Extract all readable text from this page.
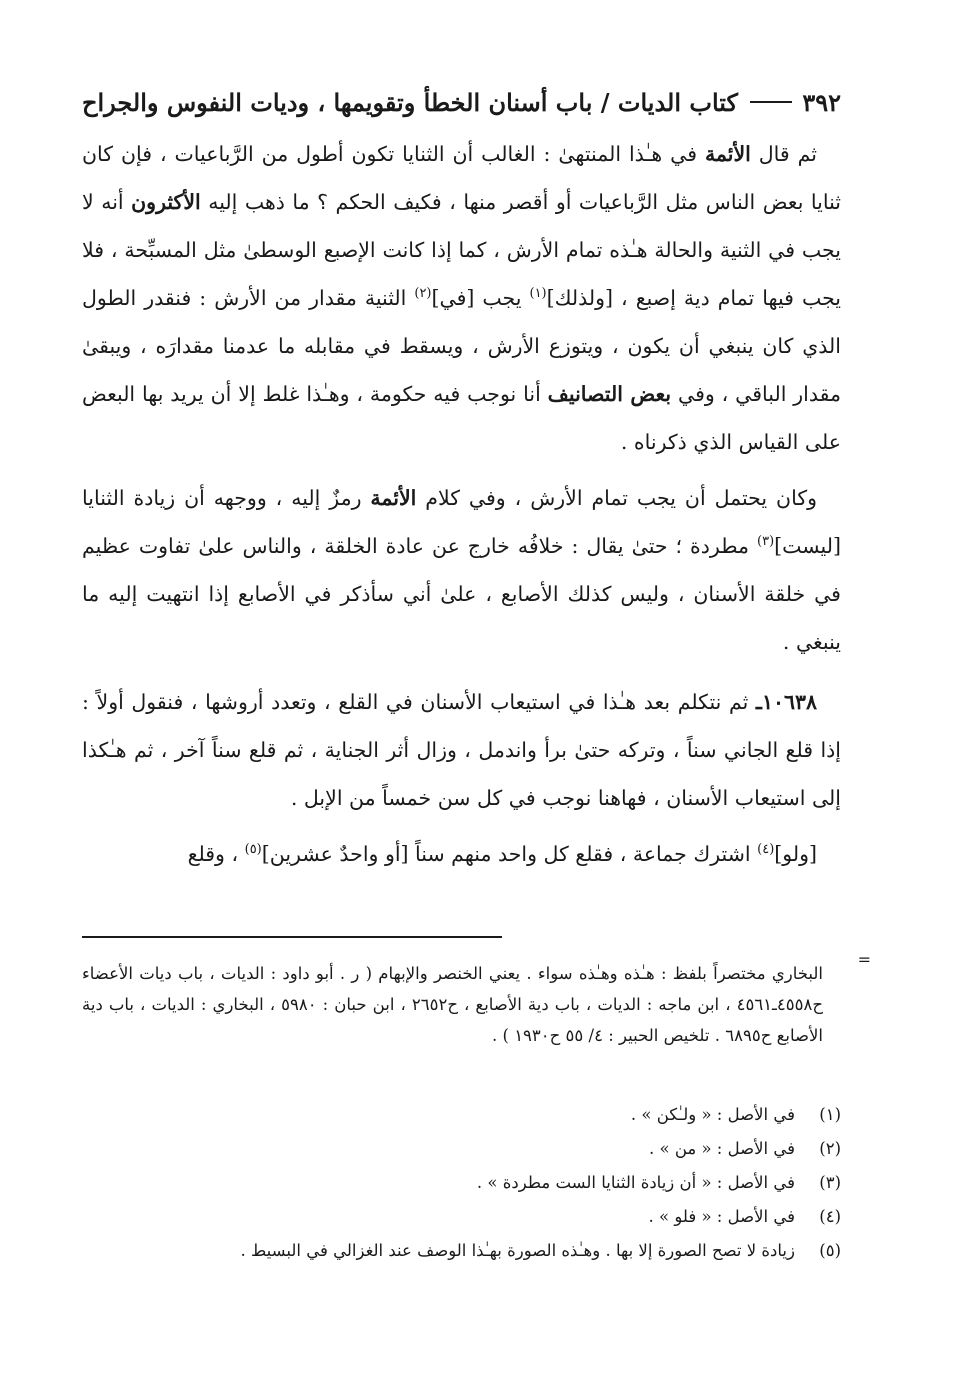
٣٩٢
كتاب الديات / باب أسنان الخطأ وتقويمها ، وديات النفوس والجراح

ثم قال الأئمة في هـٰذا المنتهىٰ : الغالب أن الثنايا تكون أطول من الرَّباعيات ، فإن كان ثنايا بعض الناس مثل الرَّباعيات أو أقصر منها ، فكيف الحكم ؟ ما ذهب إليه الأكثرون أنه لا يجب في الثنية والحالة هـٰذه تمام الأرش ، كما إذا كانت الإصبع الوسطىٰ مثل المسبِّحة ، فلا يجب فيها تمام دية إصبع ، [ولذلك]$^{(١)}$ يجب [في]$^{(٢)}$ الثنية مقدار من الأرش : فنقدر الطول الذي كان ينبغي أن يكون ، ويتوزع الأرش ، ويسقط في مقابله ما عدمنا مقدارَه ، ويبقىٰ مقدار الباقي ، وفي بعض التصانيف أنا نوجب فيه حكومة ، وهـٰذا غلط إلا أن يريد بها البعض على القياس الذي ذكرناه .

وكان يحتمل أن يجب تمام الأرش ، وفي كلام الأئمة رمزٌ إليه ، ووجهه أن زيادة الثنايا [ليست]$^{(٣)}$ مطردة ؛ حتىٰ يقال : خلافُه خارج عن عادة الخلقة ، والناس علىٰ تفاوت عظيم في خلقة الأسنان ، وليس كذلك الأصابع ، علىٰ أني سأذكر في الأصابع إذا انتهيت إليه ما ينبغي .

١٠٦٣٨ـ ثم نتكلم بعد هـٰذا في استيعاب الأسنان في القلع ، وتعدد أروشها ، فنقول أولاً : إذا قلع الجاني سناً ، وتركه حتىٰ برأ واندمل ، وزال أثر الجناية ، ثم قلع سناً آخر ، ثم هـٰكذا إلى استيعاب الأسنان ، فهاهنا نوجب في كل سن خمساً من الإبل .

[ولو]$^{(٤)}$ اشترك جماعة ، فقلع كل واحد منهم سناً [أو واحدٌ عشرين]$^{(٥)}$ ، وقلع

=

البخاري مختصراً بلفظ : هـٰذه وهـٰذه سواء . يعني الخنصر والإبهام ( ر . أبو داود : الديات ، باب ديات الأعضاء ح٤٥٥٨ـ٤٥٦١ ، ابن ماجه : الديات ، باب دية الأصابع ، ح٢٦٥٢ ، ابن حبان : ٥٩٨٠ ، البخاري : الديات ، باب دية الأصابع ح٦٨٩٥ . تلخيص الحبير : ٤/ ٥٥ ح١٩٣٠ ) .

(١)
في الأصل : « ولـٰكن » .
(٢)
في الأصل : « من » .
(٣)
في الأصل : « أن زيادة الثنايا الست مطردة » .
(٤)
في الأصل : « فلو » .
(٥)
زيادة لا تصح الصورة إلا بها . وهـٰذه الصورة بهـٰذا الوصف عند الغزالي في البسيط .
